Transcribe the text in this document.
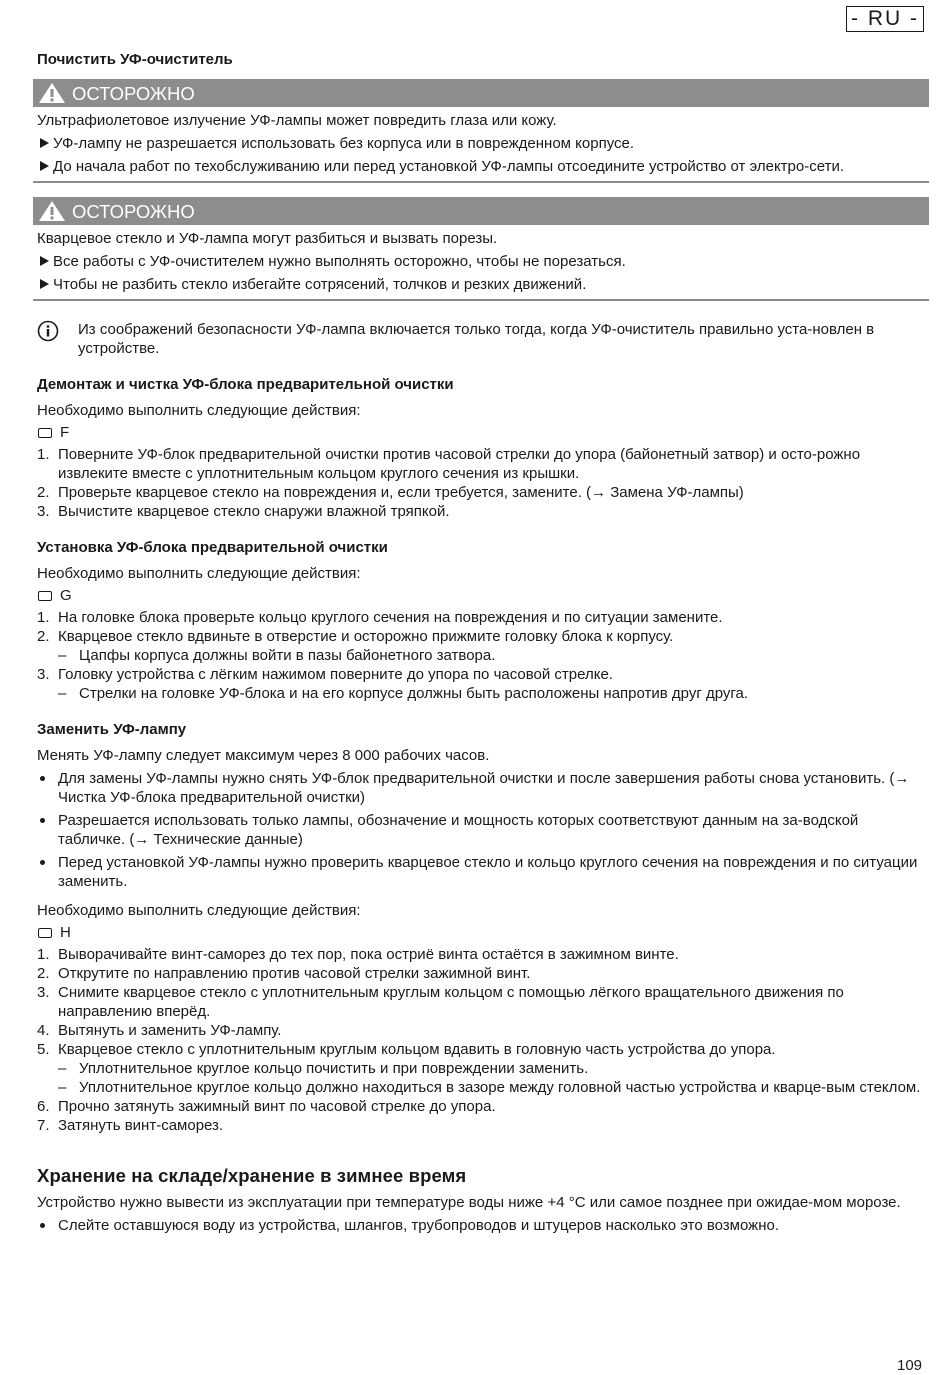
- RU -

Почистить УФ-очиститель

ОСТОРОЖНО

Ультрафиолетовое излучение УФ-лампы может повредить глаза или кожу.

УФ-лампу не разрешается использовать без корпуса или в поврежденном корпусе.
До начала работ по техобслуживанию или перед установкой УФ-лампы отсоедините устройство от электро-сети.
ОСТОРОЖНО

Кварцевое стекло и УФ-лампа могут разбиться и вызвать порезы.

Все работы с УФ-очистителем нужно выполнять осторожно, чтобы не порезаться.
Чтобы не разбить стекло избегайте сотрясений, толчков и резких движений.
Из соображений безопасности УФ-лампа включается только тогда, когда УФ-очиститель правильно уста-новлен в устройстве.

Демонтаж и чистка УФ-блока предварительной очистки

Необходимо выполнить следующие действия:

F
1. Поверните УФ-блок предварительной очистки против часовой стрелки до упора (байонетный затвор) и осто-рожно извлеките вместе с уплотнительным кольцом круглого сечения из крышки.
2. Проверьте кварцевое стекло на повреждения и, если требуется, замените. (→ Замена УФ-лампы)
3. Вычистите кварцевое стекло снаружи влажной тряпкой.

Установка УФ-блока предварительной очистки

Необходимо выполнить следующие действия:

G
1. На головке блока проверьте кольцо круглого сечения на повреждения и по ситуации замените.
2. Кварцевое стекло вдвиньте в отверстие и осторожно прижмите головку блока к корпусу.
– Цапфы корпуса должны войти в пазы байонетного затвора.
3. Головку устройства с лёгким нажимом поверните до упора по часовой стрелке.
– Стрелки на головке УФ-блока и на его корпусе должны быть расположены напротив друг друга.

Заменить УФ-лампу

Менять УФ-лампу следует максимум через 8 000 рабочих часов.

Для замены УФ-лампы нужно снять УФ-блок предварительной очистки и после завершения работы снова установить. (→ Чистка УФ-блока предварительной очистки)
Разрешается использовать только лампы, обозначение и мощность которых соответствуют данным на за-водской табличке. (→ Технические данные)
Перед установкой УФ-лампы нужно проверить кварцевое стекло и кольцо круглого сечения на повреждения и по ситуации заменить.

Необходимо выполнить следующие действия:

H
1. Выворачивайте винт-саморез до тех пор, пока остриё винта остаётся в зажимном винте.
2. Открутите по направлению против часовой стрелки зажимной винт.
3. Снимите кварцевое стекло с уплотнительным круглым кольцом с помощью лёгкого вращательного движения по направлению вперёд.
4. Вытянуть и заменить УФ-лампу.
5. Кварцевое стекло с уплотнительным круглым кольцом вдавить в головную часть устройства до упора.
– Уплотнительное круглое кольцо почистить и при повреждении заменить.
– Уплотнительное круглое кольцо должно находиться в зазоре между головной частью устройства и кварце-вым стеклом.
6. Прочно затянуть зажимный винт по часовой стрелке до упора.
7. Затянуть винт-саморез.

Хранение на складе/хранение в зимнее время

Устройство нужно вывести из эксплуатации при температуре воды ниже +4 °C или самое позднее при ожидае-мом морозе.

Слейте оставшуюся воду из устройства, шлангов, трубопроводов и штуцеров насколько это возможно.
109
